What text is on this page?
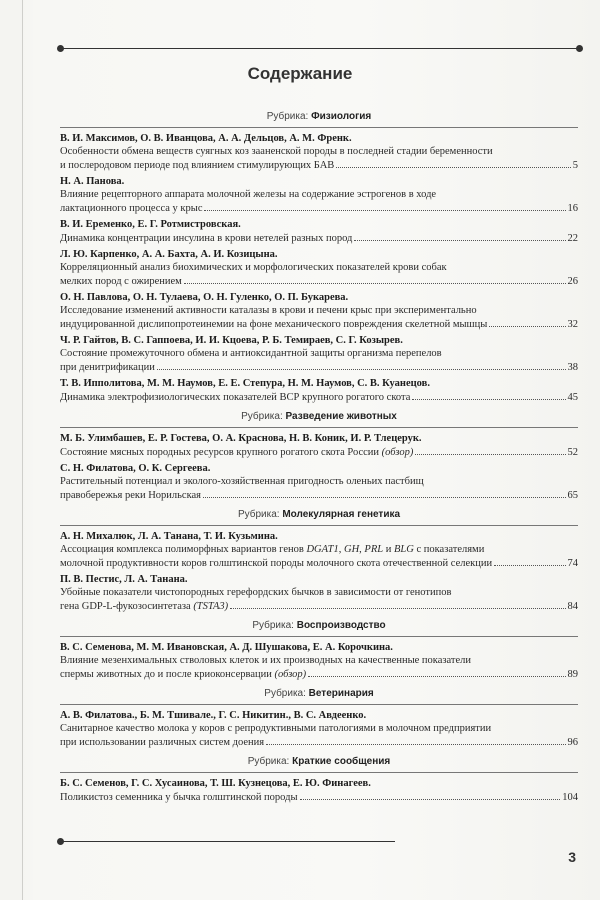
Содержание
Рубрика: Физиология
В. И. Максимов, О. В. Иванцова, А. А. Дельцов, А. М. Френк.
Особенности обмена веществ суягных коз зааненской породы в последней стадии беременности
и послеродовом периоде под влиянием стимулирующих БАВ	5
Н. А. Панова.
Влияние рецепторного аппарата молочной железы на содержание эстрогенов в ходе
лактационного процесса у крыс	16
В. И. Еременко, Е. Г. Ротмистровская.
Динамика концентрации инсулина в крови нетелей разных пород	22
Л. Ю. Карпенко, А. А. Бахта, А. И. Козицына.
Корреляционный анализ биохимических и морфологических показателей крови собак
мелких пород с ожирением	26
О. Н. Павлова, О. Н. Тулаева, О. Н. Гуленко, О. П. Букарева.
Исследование изменений активности каталазы в крови и печени крыс при экспериментально
индуцированной дислипопротеинемии на фоне механического повреждения скелетной мышцы	32
Ч. Р. Гайтов, В. С. Гаппоева, И. И. Кцоева, Р. Б. Темираев, С. Г. Козырев.
Состояние промежуточного обмена и антиоксидантной защиты организма перепелов
при денитрификации	38
Т. В. Ипполитова, М. М. Наумов, Е. Е. Степура, Н. М. Наумов, С. В. Куанецов.
Динамика электрофизиологических показателей ВСР крупного рогатого скота	45
Рубрика: Разведение животных
М. Б. Улимбашев, Е. Р. Гостева, О. А. Краснова, Н. В. Коник, И. Р. Тлецерук.
Состояние мясных породных ресурсов крупного рогатого скота России (обзор)	52
С. Н. Филатова, О. К. Сергеева.
Растительный потенциал и эколого-хозяйственная пригодность оленьих пастбищ
правобережья реки Норильская	65
Рубрика: Молекулярная генетика
А. Н. Михалюк, Л. А. Танана, Т. И. Кузьмина.
Ассоциация комплекса полиморфных вариантов генов DGAT1, GH, PRL и BLG с показателями
молочной продуктивности коров голштинской породы молочного скота отечественной селекции	74
П. В. Пестис, Л. А. Танана.
Убойные показатели чистопородных герефордских бычков в зависимости от генотипов
гена GDP-L-фукозосинтетаза (TSTA3)	84
Рубрика: Воспроизводство
В. С. Семенова, М. М. Ивановская, А. Д. Шушакова, Е. А. Корочкина.
Влияние мезенхимальных стволовых клеток и их производных на качественные показатели
спермы животных до и после криоконсервации (обзор)	89
Рубрика: Ветеринария
А. В. Филатова., Б. М. Тшивале., Г. С. Никитин., В. С. Авдеенко.
Санитарное качество молока у коров с репродуктивными патологиями в молочном предприятии
при использовании различных систем доения	96
Рубрика: Краткие сообщения
Б. С. Семенов, Г. С. Хусаинова, Т. Ш. Кузнецова, Е. Ю. Финагеев.
Поликистоз семенника у бычка голштинской породы	104
3
